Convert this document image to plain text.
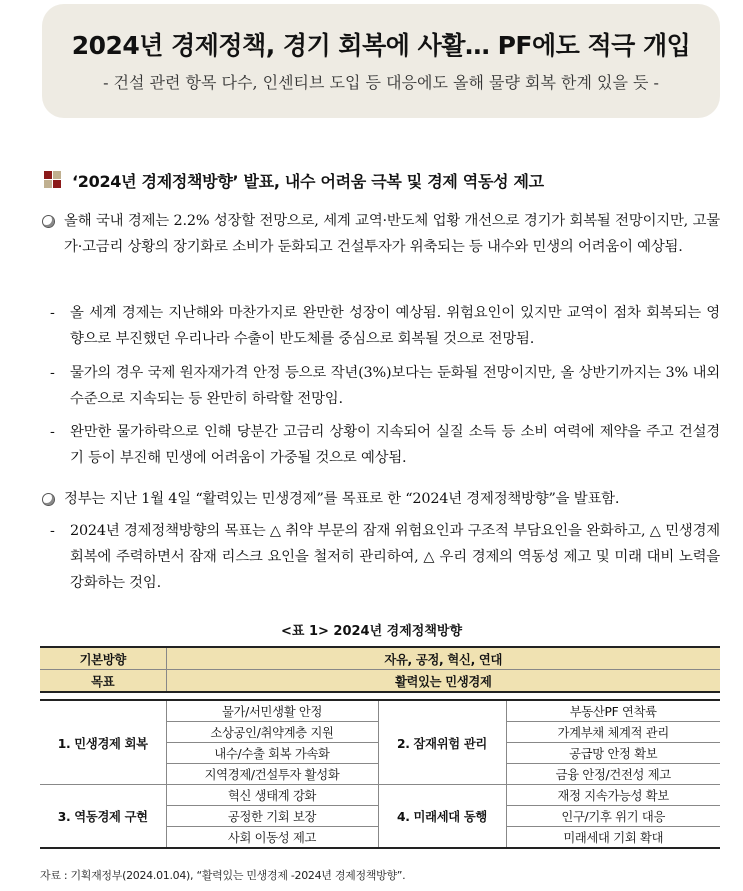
2024년 경제정책, 경기 회복에 사활… PF에도 적극 개입
- 건설 관련 항목 다수, 인센티브 도입 등 대응에도 올해 물량 회복 한계 있을 듯 -
‘2024년 경제정책방향’ 발표, 내수 어려움 극복 및 경제 역동성 제고
올해 국내 경제는 2.2% 성장할 전망으로, 세계 교역·반도체 업황 개선으로 경기가 회복될 전망이지만, 고물가·고금리 상황의 장기화로 소비가 둔화되고 건설투자가 위축되는 등 내수와 민생의 어려움이 예상됨.
-	올 세계 경제는 지난해와 마찬가지로 완만한 성장이 예상됨. 위험요인이 있지만 교역이 점차 회복되는 영향으로 부진했던 우리나라 수출이 반도체를 중심으로 회복될 것으로 전망됨.
-	물가의 경우 국제 원자재가격 안정 등으로 작년(3%)보다는 둔화될 전망이지만, 올 상반기까지는 3% 내외 수준으로 지속되는 등 완만히 하락할 전망임.
-	완만한 물가하락으로 인해 당분간 고금리 상황이 지속되어 실질 소득 등 소비 여력에 제약을 주고 건설경기 등이 부진해 민생에 어려움이 가중될 것으로 예상됨.
정부는 지난 1월 4일 “활력있는 민생경제”를 목표로 한 “2024년 경제정책방향”을 발표함.
-	2024년 경제정책방향의 목표는 △ 취약 부문의 잠재 위험요인과 구조적 부담요인을 완화하고, △ 민생경제 회복에 주력하면서 잠재 리스크 요인을 철저히 관리하여, △ 우리 경제의 역동성 제고 및 미래 대비 노력을 강화하는 것임.
<표 1> 2024년 경제정책방향
기본방향	자유, 공정, 혁신, 연대		
목표	활력있는 민생경제		

1. 민생경제 회복	물가/서민생활 안정	2. 잠재위험 관리	부동산PF 연착륙
	소상공인/취약계층 지원		가계부채 체계적 관리
	내수/수출 회복 가속화		공급망 안정 확보
	지역경제/건설투자 활성화		금융 안정/건전성 제고
3. 역동경제 구현	혁신 생태계 강화	4. 미래세대 동행	재정 지속가능성 확보
	공정한 기회 보장		인구/기후 위기 대응
	사회 이동성 제고		미래세대 기회 확대
자료 : 기획재정부(2024.01.04), “활력있는 민생경제 -2024년 경제정책방향”.
